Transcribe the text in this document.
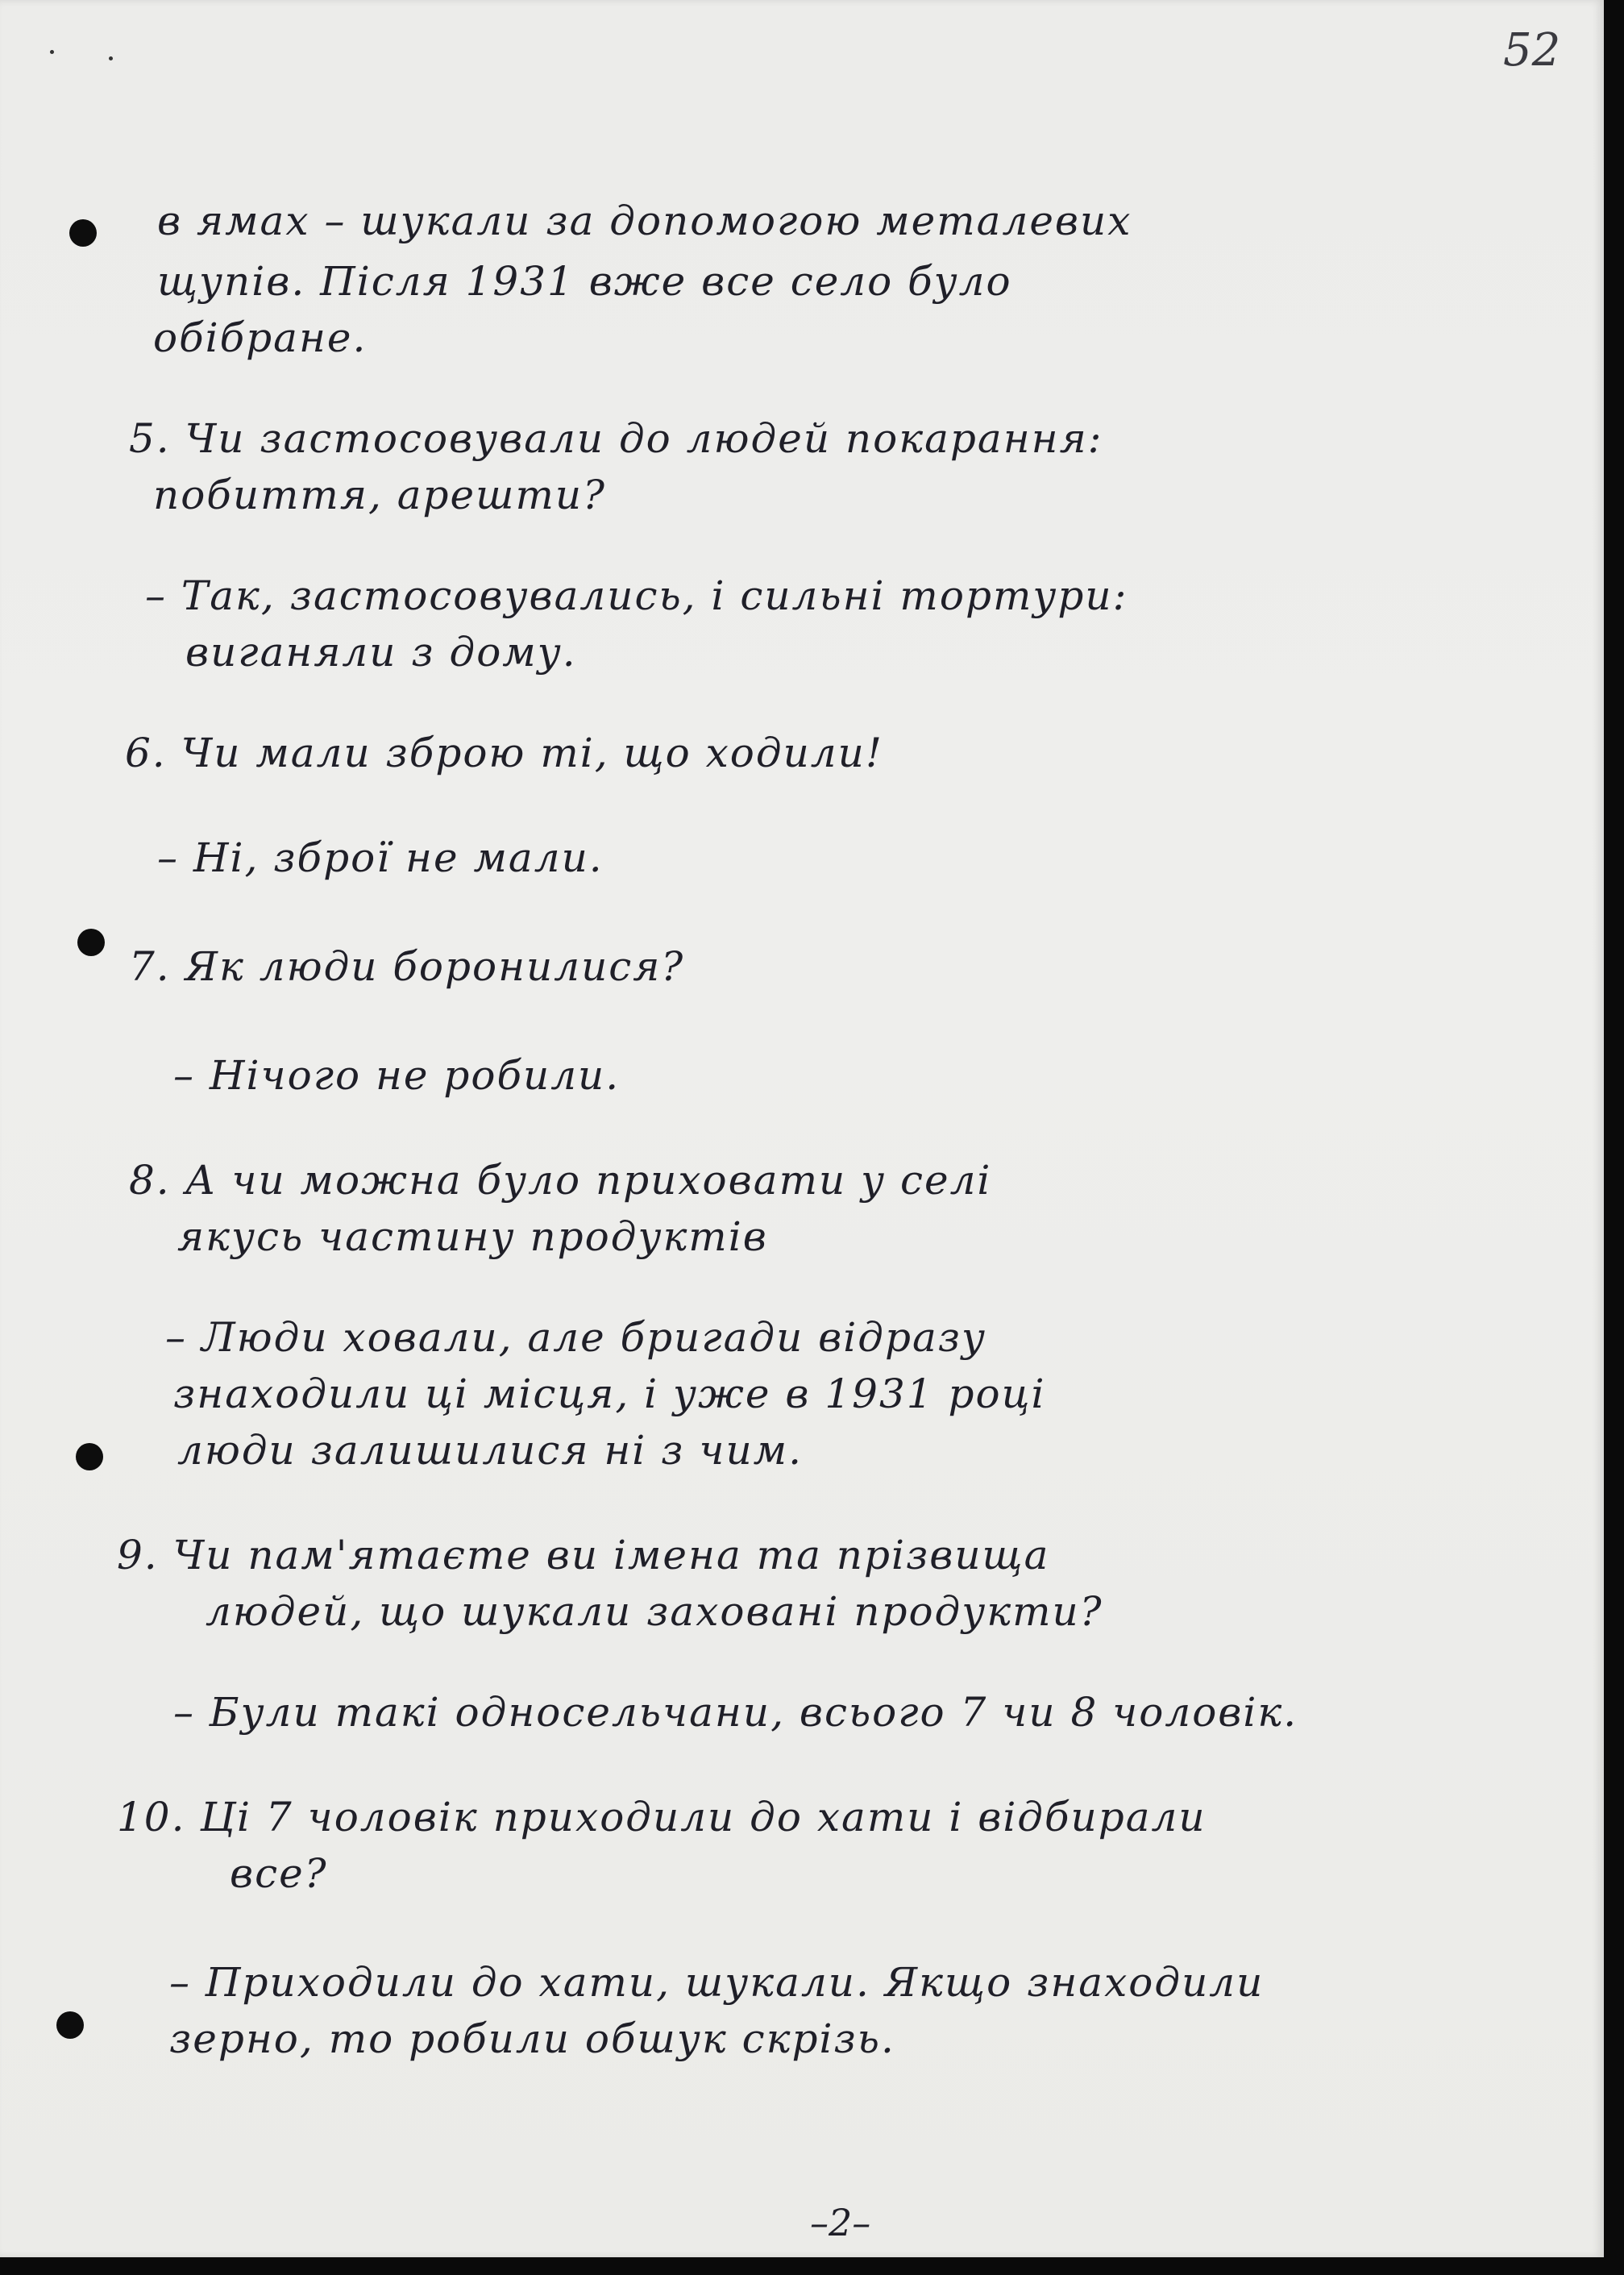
52
в ямах – шукали за допомогою металевих
щупів. Після 1931 вже все село було
обібране.
5. Чи застосовували до людей покарання:
побиття, арешти?
– Так, застосовувались, і сильні тортури:
виганяли з дому.
6. Чи мали зброю ті, що ходили!
– Ні, зброї не мали.
7. Як люди боронилися?
– Нічого не робили.
8. А чи можна було приховати у селі
якусь частину продуктів
– Люди ховали, але бригади відразу
знаходили ці місця, і уже в 1931 році
люди залишилися ні з чим.
9. Чи пам'ятаєте ви імена та прізвища
людей, що шукали заховані продукти?
– Були такі односельчани, всього 7 чи 8 чоловік.
10. Ці 7 чоловік приходили до хати і відбирали
все?
– Приходили до хати, шукали. Якщо знаходили
зерно, то робили обшук скрізь.
–2–
